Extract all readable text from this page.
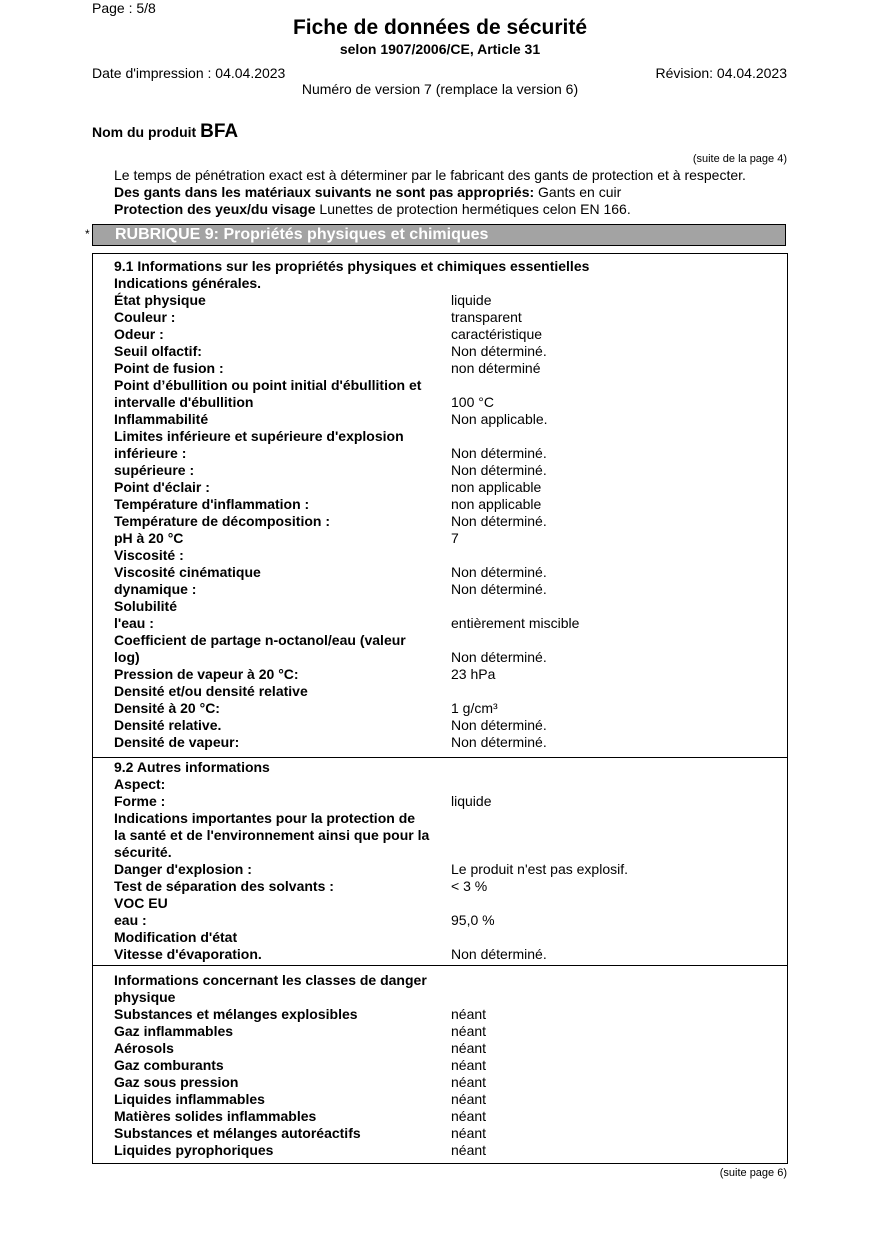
Page : 5/8
Fiche de données de sécurité
selon 1907/2006/CE, Article 31
Date d'impression : 04.04.2023	Révision: 04.04.2023
Numéro de version 7 (remplace la version 6)
Nom du produit BFA
(suite de la page 4)
Le temps de pénétration exact est à déterminer par le fabricant des gants de protection et à respecter.
Des gants dans les matériaux suivants ne sont pas appropriés: Gants en cuir
Protection des yeux/du visage Lunettes de protection hermétiques celon EN 166.
* RUBRIQUE 9: Propriétés physiques et chimiques
9.1 Informations sur les propriétés physiques et chimiques essentielles
Indications générales.
État physique	liquide
Couleur :	transparent
Odeur :	caractéristique
Seuil olfactif:	Non déterminé.
Point de fusion :	non déterminé
Point d’ébullition ou point initial d'ébullition et
intervalle d'ébullition	100 °C
Inflammabilité	Non applicable.
Limites inférieure et supérieure d'explosion
inférieure :	Non déterminé.
supérieure :	Non déterminé.
Point d'éclair :	non applicable
Température d'inflammation :	non applicable
Température de décomposition :	Non déterminé.
pH à 20 °C	7
Viscosité :
Viscosité cinématique	Non déterminé.
dynamique :	Non déterminé.
Solubilité
l'eau :	entièrement miscible
Coefficient de partage n-octanol/eau (valeur
log)	Non déterminé.
Pression de vapeur à 20 °C:	23 hPa
Densité et/ou densité relative
Densité à 20 °C:	1 g/cm³
Densité relative.	Non déterminé.
Densité de vapeur:	Non déterminé.
9.2 Autres informations
Aspect:
Forme :	liquide
Indications importantes pour la protection de
la santé et de l'environnement ainsi que pour la
sécurité.
Danger d'explosion :	Le produit n'est pas explosif.
Test de séparation des solvants :	< 3 %
VOC EU
eau :	95,0 %
Modification d'état
Vitesse d'évaporation.	Non déterminé.
Informations concernant les classes de danger
physique
Substances et mélanges explosibles	néant
Gaz inflammables	néant
Aérosols	néant
Gaz comburants	néant
Gaz sous pression	néant
Liquides inflammables	néant
Matières solides inflammables	néant
Substances et mélanges autoréactifs	néant
Liquides pyrophoriques	néant
(suite page 6)
